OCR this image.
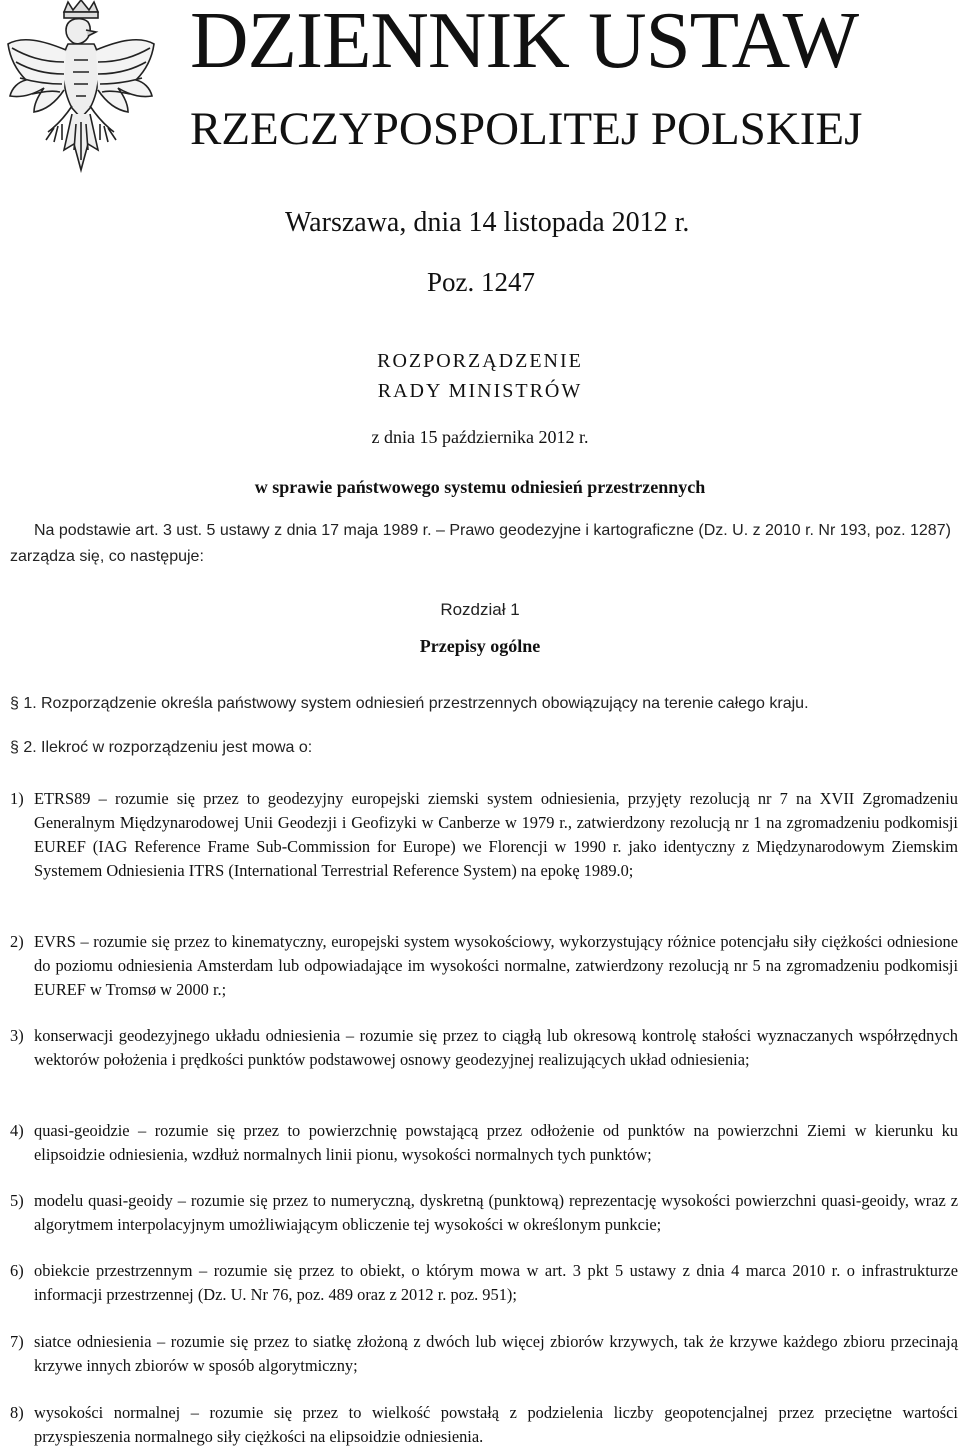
DZIENNIK USTAW
RZECZYPOSPOLITEJ POLSKIEJ
Warszawa, dnia 14 listopada 2012 r.
Poz. 1247
ROZPORZĄDZENIE
RADY MINISTRÓW
z dnia 15 października 2012 r.
w sprawie państwowego systemu odniesień przestrzennych

Na podstawie art. 3 ust. 5 ustawy z dnia 17 maja 1989 r. – Prawo geodezyjne i kartograficzne (Dz. U. z 2010 r. Nr 193, poz. 1287) zarządza się, co następuje:

Rozdział 1
Przepisy ogólne

§ 1. Rozporządzenie określa państwowy system odniesień przestrzennych obowiązujący na terenie całego kraju.

§ 2. Ilekroć w rozporządzeniu jest mowa o:

1) ETRS89 – rozumie się przez to geodezyjny europejski ziemski system odniesienia, przyjęty rezolucją nr 7 na XVII Zgromadzeniu Generalnym Międzynarodowej Unii Geodezji i Geofizyki w Canberze w 1979 r., zatwierdzony rezolucją nr 1 na zgromadzeniu podkomisji EUREF (IAG Reference Frame Sub-Commission for Europe) we Florencji w 1990 r. jako identyczny z Międzynarodowym Ziemskim Systemem Odniesienia ITRS (International Terrestrial Reference System) na epokę 1989.0;
2) EVRS – rozumie się przez to kinematyczny, europejski system wysokościowy, wykorzystujący różnice potencjału siły ciężkości odniesione do poziomu odniesienia Amsterdam lub odpowiadające im wysokości normalne, zatwierdzony rezolucją nr 5 na zgromadzeniu podkomisji EUREF w Tromsø w 2000 r.;
3) konserwacji geodezyjnego układu odniesienia – rozumie się przez to ciągłą lub okresową kontrolę stałości wyznaczanych współrzędnych wektorów położenia i prędkości punktów podstawowej osnowy geodezyjnej realizujących układ odniesienia;
4) quasi-geoidzie – rozumie się przez to powierzchnię powstającą przez odłożenie od punktów na powierzchni Ziemi w kierunku ku elipsoidzie odniesienia, wzdłuż normalnych linii pionu, wysokości normalnych tych punktów;
5) modelu quasi-geoidy – rozumie się przez to numeryczną, dyskretną (punktową) reprezentację wysokości powierzchni quasi-geoidy, wraz z algorytmem interpolacyjnym umożliwiającym obliczenie tej wysokości w określonym punkcie;
6) obiekcie przestrzennym – rozumie się przez to obiekt, o którym mowa w art. 3 pkt 5 ustawy z dnia 4 marca 2010 r. o infrastrukturze informacji przestrzennej (Dz. U. Nr 76, poz. 489 oraz z 2012 r. poz. 951);
7) siatce odniesienia – rozumie się przez to siatkę złożoną z dwóch lub więcej zbiorów krzywych, tak że krzywe każdego zbioru przecinają krzywe innych zbiorów w sposób algorytmiczny;
8) wysokości normalnej – rozumie się przez to wielkość powstałą z podzielenia liczby geopotencjalnej przez przeciętne wartości przyspieszenia normalnego siły ciężkości na elipsoidzie odniesienia.
